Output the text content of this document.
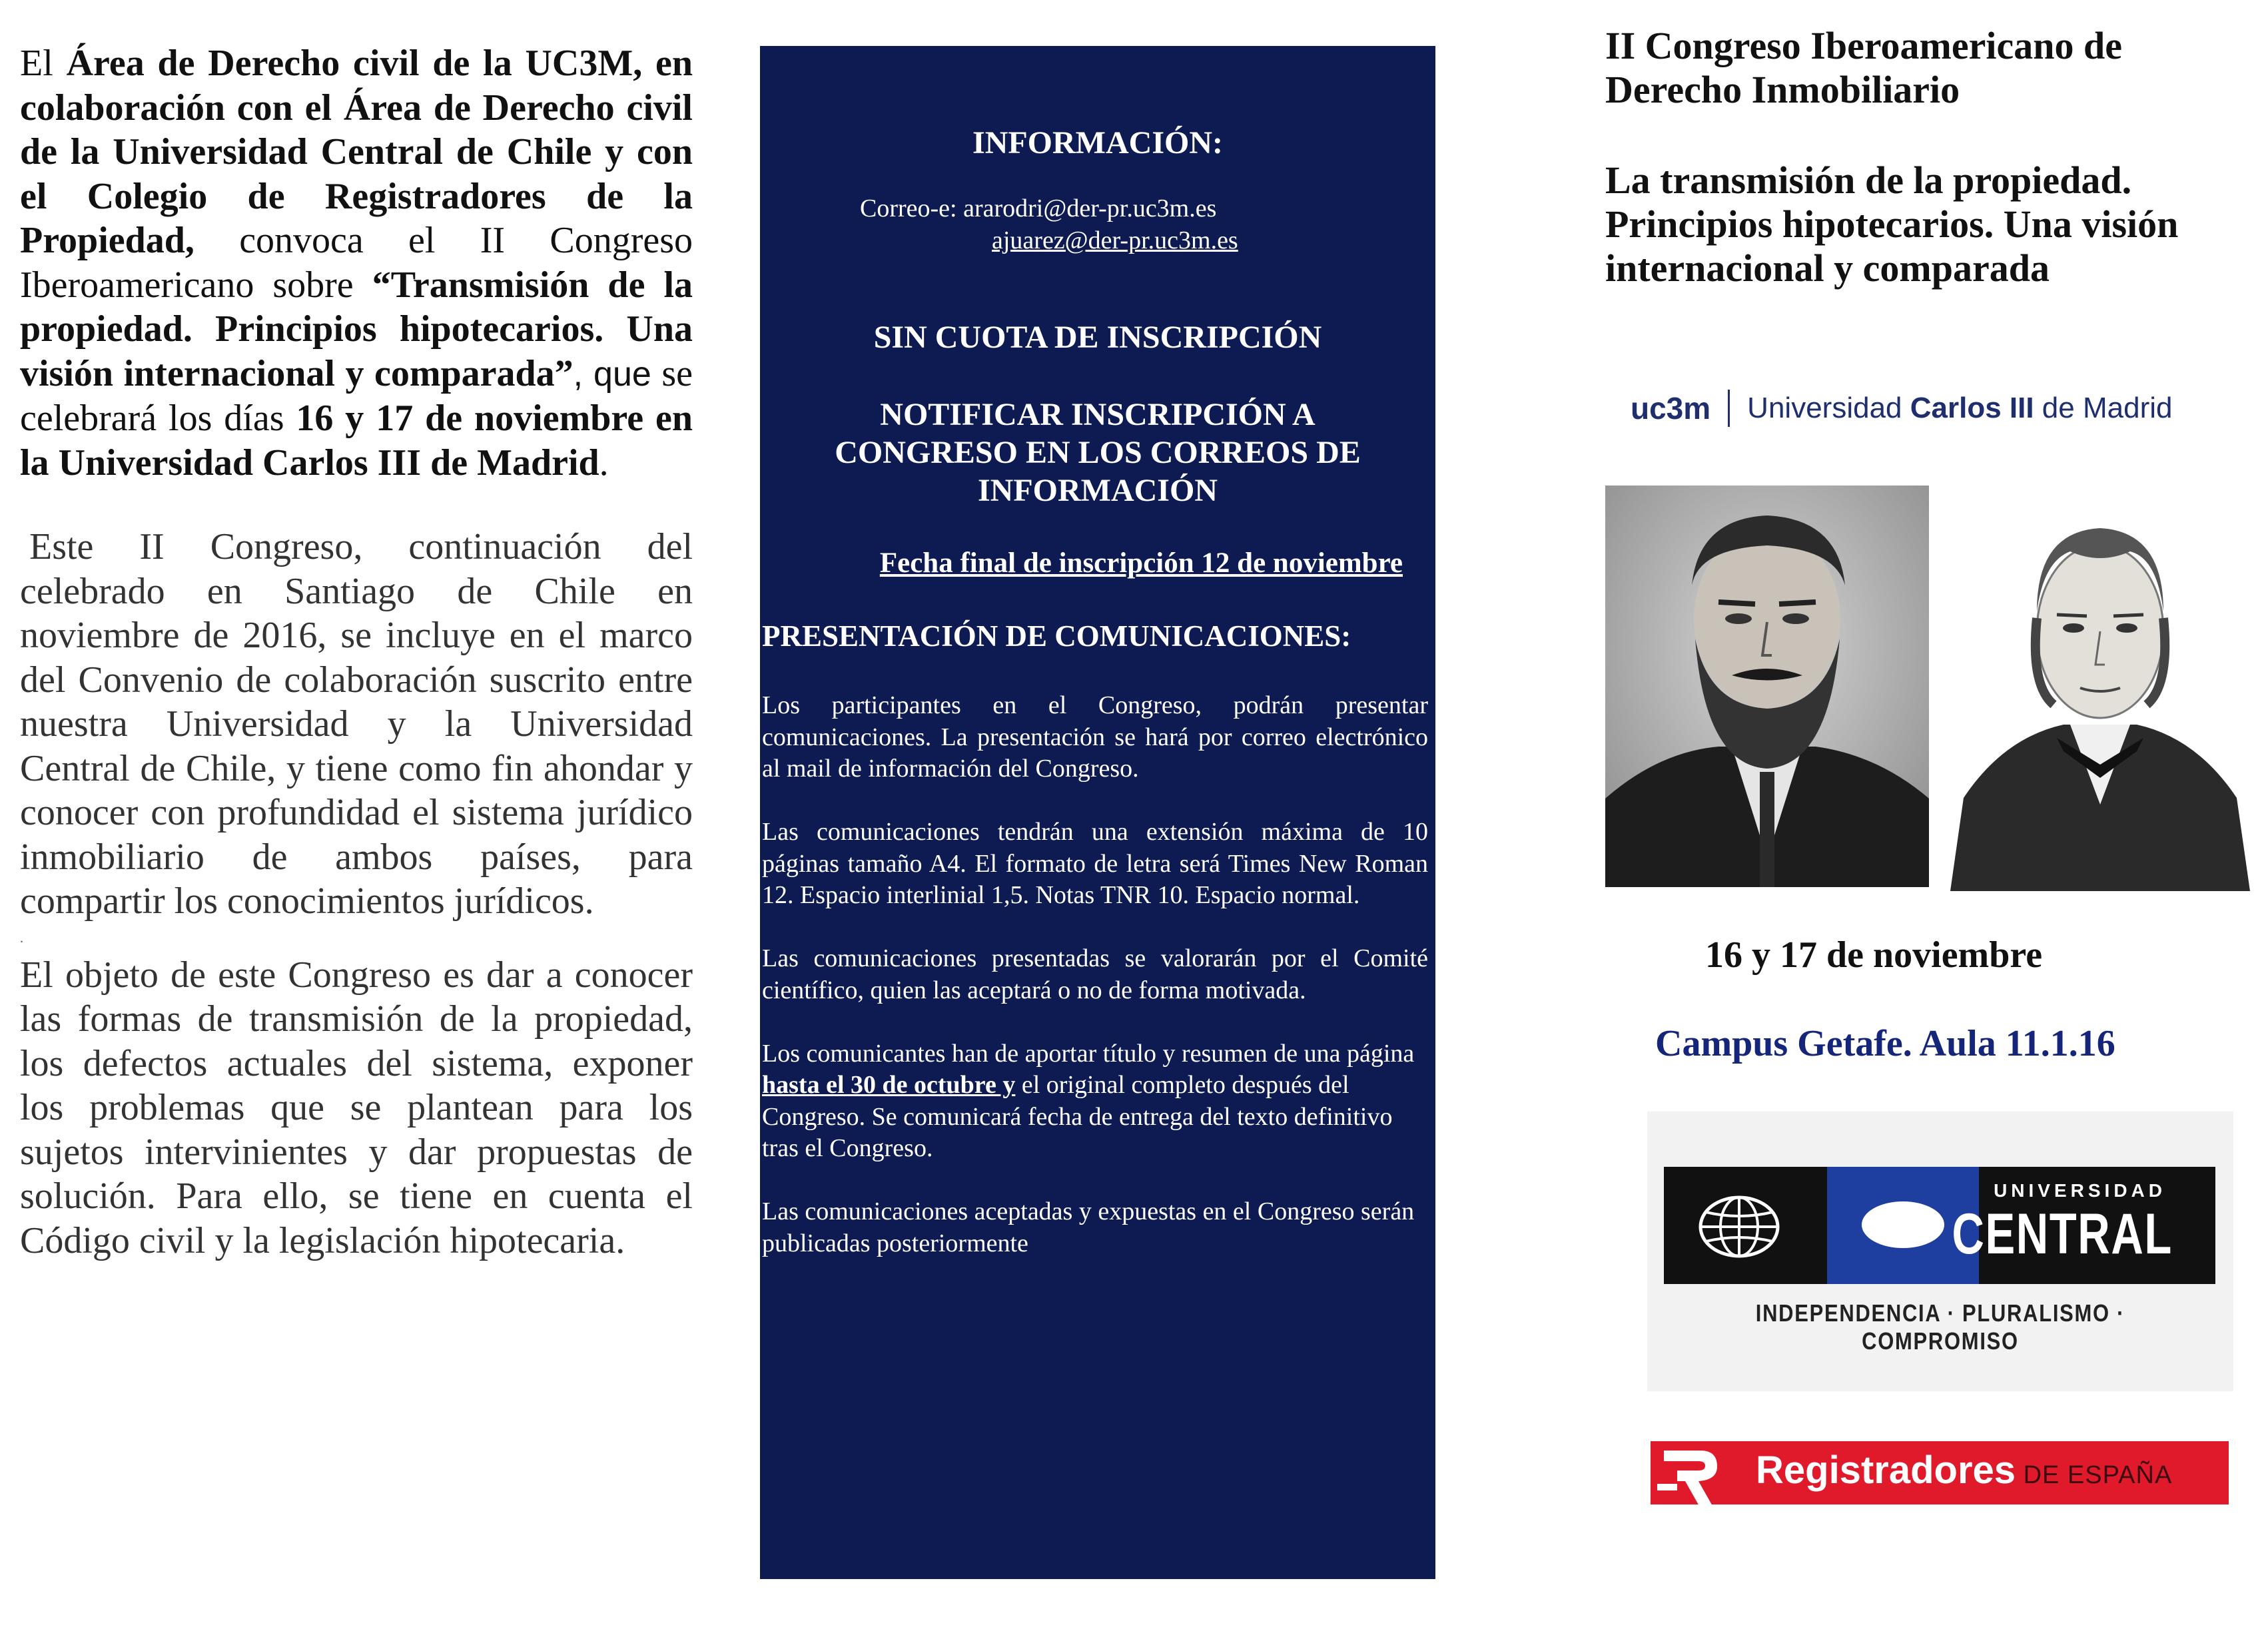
El Área de Derecho civil de la UC3M, en colaboración con el Área de Derecho civil de la Universidad Central de Chile y con el Colegio de Registradores de la Propiedad, convoca el II Congreso Iberoamericano sobre “Transmisión de la propiedad. Principios hipotecarios. Una visión internacional y comparada”, que se celebrará los días 16 y 17 de noviembre en la Universidad Carlos III de Madrid.

Este II Congreso, continuación del celebrado en Santiago de Chile en noviembre de 2016, se incluye en el marco del Convenio de colaboración suscrito entre nuestra Universidad y la Universidad Central de Chile, y tiene como fin ahondar y conocer con profundidad el sistema jurídico inmobiliario de ambos países, para compartir los conocimientos jurídicos.

.

El objeto de este Congreso es dar a conocer las formas de transmisión de la propiedad, los defectos actuales del sistema, exponer los problemas que se plantean para los sujetos intervinientes y dar propuestas de solución. Para ello, se tiene en cuenta el Código civil y la legislación hipotecaria.

INFORMACIÓN:
Correo-e: ararodri@der-pr.uc3m.es
ajuarez@der-pr.uc3m.es
SIN CUOTA DE INSCRIPCIÓN
NOTIFICAR INSCRIPCIÓN A CONGRESO EN LOS CORREOS DE INFORMACIÓN
Fecha final de inscripción 12 de noviembre
PRESENTACIÓN DE COMUNICACIONES:

Los participantes en el Congreso, podrán presentar comunicaciones. La presentación se hará por correo electrónico al mail de información del Congreso.

Las comunicaciones tendrán una extensión máxima de 10 páginas tamaño A4. El formato de letra será Times New Roman 12. Espacio interlinial 1,5. Notas TNR 10. Espacio normal.

Las comunicaciones presentadas se valorarán por el Comité científico, quien las aceptará o no de forma motivada.

Los comunicantes han de aportar título y resumen de una página hasta el 30 de octubre y el original completo después del Congreso. Se comunicará fecha de entrega del texto definitivo tras el Congreso.

Las comunicaciones aceptadas y expuestas en el Congreso serán publicadas posteriormente

II Congreso Iberoamericano de Derecho Inmobiliario
La transmisión de la propiedad. Principios hipotecarios. Una visión internacional y comparada
uc3m Universidad Carlos III de Madrid
16 y 17 de noviembre
Campus Getafe. Aula 11.1.16
UNIVERSIDAD
CENTRAL
INDEPENDENCIA · PLURALISMO · COMPROMISO
Registradores DE ESPAÑA
